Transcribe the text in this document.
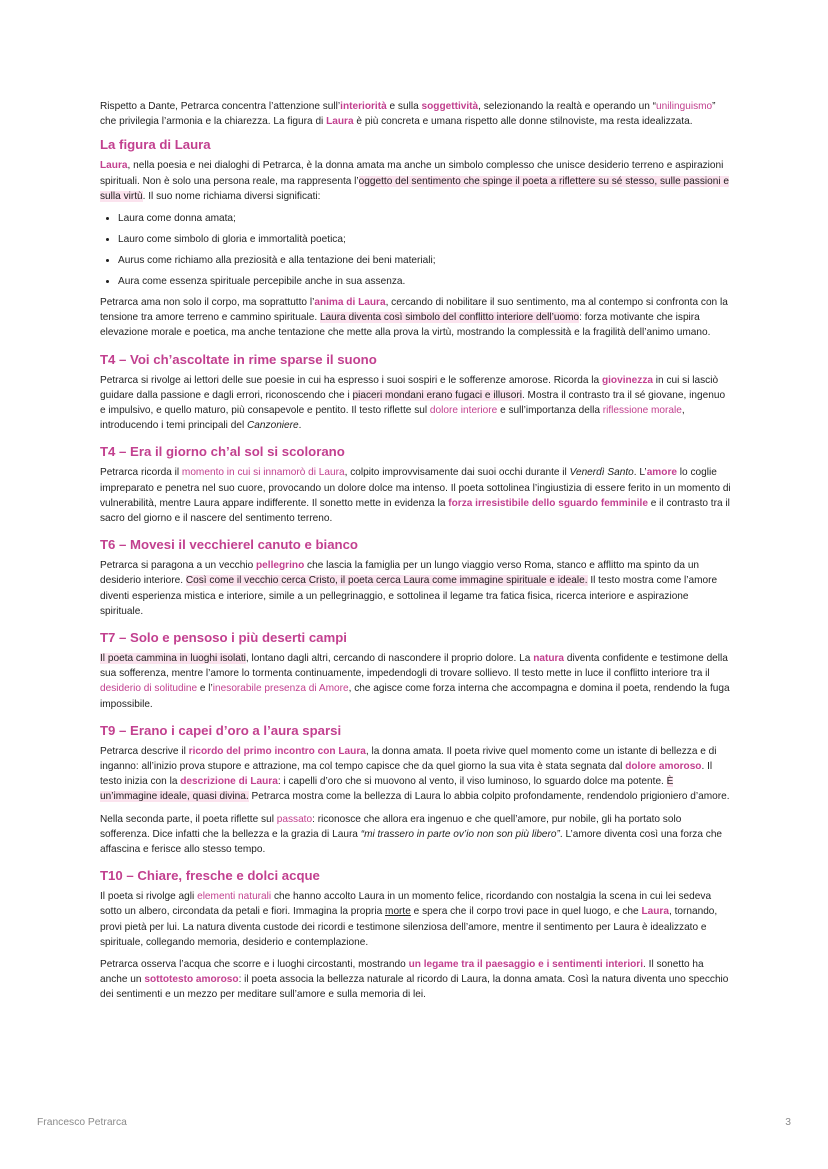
Rispetto a Dante, Petrarca concentra l’attenzione sull’interiorità e sulla soggettività, selezionando la realtà e operando un “unilinguismo” che privilegia l’armonia e la chiarezza. La figura di Laura è più concreta e umana rispetto alle donne stilnoviste, ma resta idealizzata.

La figura di Laura

Laura, nella poesia e nei dialoghi di Petrarca, è la donna amata ma anche un simbolo complesso che unisce desiderio terreno e aspirazioni spirituali. Non è solo una persona reale, ma rappresenta l’oggetto del sentimento che spinge il poeta a riflettere su sé stesso, sulle passioni e sulla virtù. Il suo nome richiama diversi significati:

• Laura come donna amata;
• Lauro come simbolo di gloria e immortalità poetica;
• Aurus come richiamo alla preziosità e alla tentazione dei beni materiali;
• Aura come essenza spirituale percepibile anche in sua assenza.

Petrarca ama non solo il corpo, ma soprattutto l’anima di Laura, cercando di nobilitare il suo sentimento, ma al contempo si confronta con la tensione tra amore terreno e cammino spirituale. Laura diventa così simbolo del conflitto interiore dell’uomo: forza motivante che ispira elevazione morale e poetica, ma anche tentazione che mette alla prova la virtù, mostrando la complessità e la fragilità dell’animo umano.

T4 – Voi ch’ascoltate in rime sparse il suono

Petrarca si rivolge ai lettori delle sue poesie in cui ha espresso i suoi sospiri e le sofferenze amorose. Ricorda la giovinezza in cui si lasciò guidare dalla passione e dagli errori, riconoscendo che i piaceri mondani erano fugaci e illusori. Mostra il contrasto tra il sé giovane, ingenuo e impulsivo, e quello maturo, più consapevole e pentito. Il testo riflette sul dolore interiore e sull’importanza della riflessione morale, introducendo i temi principali del Canzoniere.

T4 – Era il giorno ch’al sol si scolorano

Petrarca ricorda il momento in cui si innamorò di Laura, colpito improvvisamente dai suoi occhi durante il Venerdì Santo. L’amore lo coglie impreparato e penetra nel suo cuore, provocando un dolore dolce ma intenso. Il poeta sottolinea l’ingiustizia di essere ferito in un momento di vulnerabilità, mentre Laura appare indifferente. Il sonetto mette in evidenza la forza irresistibile dello sguardo femminile e il contrasto tra il sacro del giorno e il nascere del sentimento terreno.

T6 – Movesi il vecchierel canuto e bianco

Petrarca si paragona a un vecchio pellegrino che lascia la famiglia per un lungo viaggio verso Roma, stanco e afflitto ma spinto da un desiderio interiore. Così come il vecchio cerca Cristo, il poeta cerca Laura come immagine spirituale e ideale. Il testo mostra come l’amore diventi esperienza mistica e interiore, simile a un pellegrinaggio, e sottolinea il legame tra fatica fisica, ricerca interiore e aspirazione spirituale.

T7 – Solo e pensoso i più deserti campi

Il poeta cammina in luoghi isolati, lontano dagli altri, cercando di nascondere il proprio dolore. La natura diventa confidente e testimone della sua sofferenza, mentre l’amore lo tormenta continuamente, impedendogli di trovare sollievo. Il testo mette in luce il conflitto interiore tra il desiderio di solitudine e l’inesorabile presenza di Amore, che agisce come forza interna che accompagna e domina il poeta, rendendo la fuga impossibile.

T9 – Erano i capei d’oro a l’aura sparsi

Petrarca descrive il ricordo del primo incontro con Laura, la donna amata. Il poeta rivive quel momento come un istante di bellezza e di inganno: all’inizio prova stupore e attrazione, ma col tempo capisce che da quel giorno la sua vita è stata segnata dal dolore amoroso. Il testo inizia con la descrizione di Laura: i capelli d’oro che si muovono al vento, il viso luminoso, lo sguardo dolce ma potente. È un’immagine ideale, quasi divina. Petrarca mostra come la bellezza di Laura lo abbia colpito profondamente, rendendolo prigioniero d’amore.

Nella seconda parte, il poeta riflette sul passato: riconosce che allora era ingenuo e che quell’amore, pur nobile, gli ha portato solo sofferenza. Dice infatti che la bellezza e la grazia di Laura “mi trassero in parte ov’io non son più libero”. L’amore diventa così una forza che affascina e ferisce allo stesso tempo.

T10 – Chiare, fresche e dolci acque

Il poeta si rivolge agli elementi naturali che hanno accolto Laura in un momento felice, ricordando con nostalgia la scena in cui lei sedeva sotto un albero, circondata da petali e fiori. Immagina la propria morte e spera che il corpo trovi pace in quel luogo, e che Laura, tornando, provi pietà per lui. La natura diventa custode dei ricordi e testimone silenziosa dell’amore, mentre il sentimento per Laura è idealizzato e spirituale, collegando memoria, desiderio e contemplazione.

Petrarca osserva l’acqua che scorre e i luoghi circostanti, mostrando un legame tra il paesaggio e i sentimenti interiori. Il sonetto ha anche un sottotesto amoroso: il poeta associa la bellezza naturale al ricordo di Laura, la donna amata. Così la natura diventa uno specchio dei sentimenti e un mezzo per meditare sull’amore e sulla memoria di lei.

Francesco Petrarca	3
